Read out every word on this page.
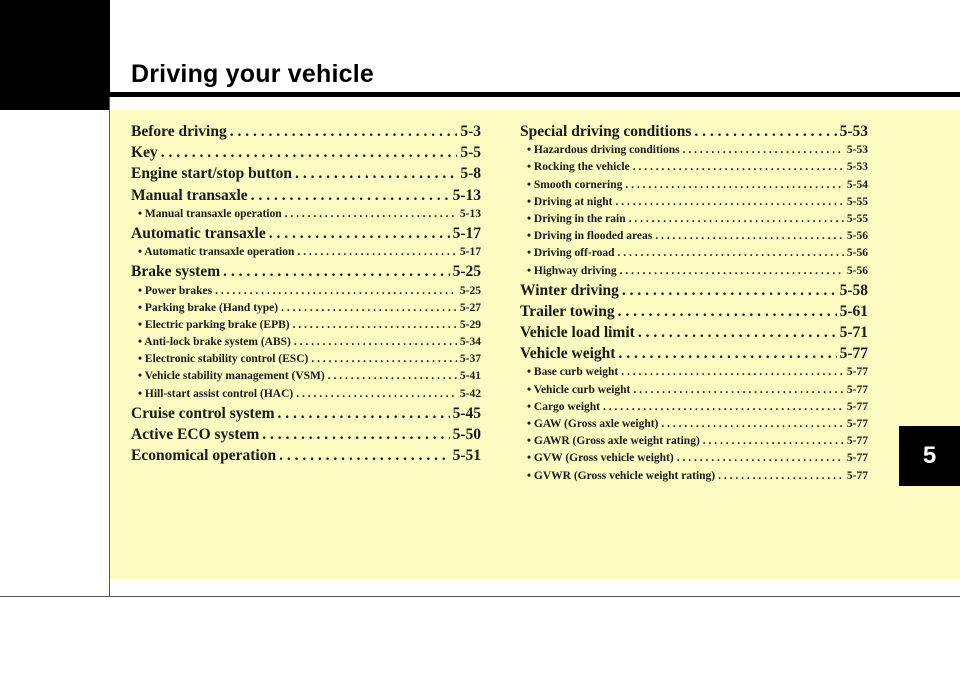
Driving your vehicle
Before driving . . .	5-3
Key . . .	5-5
Engine start/stop button . . .	5-8
Manual transaxle . . .	5-13
• Manual transaxle operation . . .	5-13
Automatic transaxle . . .	5-17
• Automatic transaxle operation . . .	5-17
Brake system . . .	5-25
• Power brakes . . .	5-25
• Parking brake (Hand type) . . .	5-27
• Electric parking brake (EPB) . . .	5-29
• Anti-lock brake system (ABS) . . .	5-34
• Electronic stability control (ESC) . . .	5-37
• Vehicle stability management (VSM) . . .	5-41
• Hill-start assist control (HAC) . . .	5-42
Cruise control system . . .	5-45
Active ECO system . . .	5-50
Economical operation . . .	5-51
Special driving conditions . . .	5-53
• Hazardous driving conditions . . .	5-53
• Rocking the vehicle . . .	5-53
• Smooth cornering . . .	5-54
• Driving at night . . .	5-55
• Driving in the rain . . .	5-55
• Driving in flooded areas . . .	5-56
• Driving off-road . . .	5-56
• Highway driving . . .	5-56
Winter driving . . .	5-58
Trailer towing . . .	5-61
Vehicle load limit . . .	5-71
Vehicle weight . . .	5-77
• Base curb weight . . .	5-77
• Vehicle curb weight . . .	5-77
• Cargo weight . . .	5-77
• GAW (Gross axle weight) . . .	5-77
• GAWR (Gross axle weight rating) . . .	5-77
• GVW (Gross vehicle weight) . . .	5-77
• GVWR (Gross vehicle weight rating) . . .	5-77
5
